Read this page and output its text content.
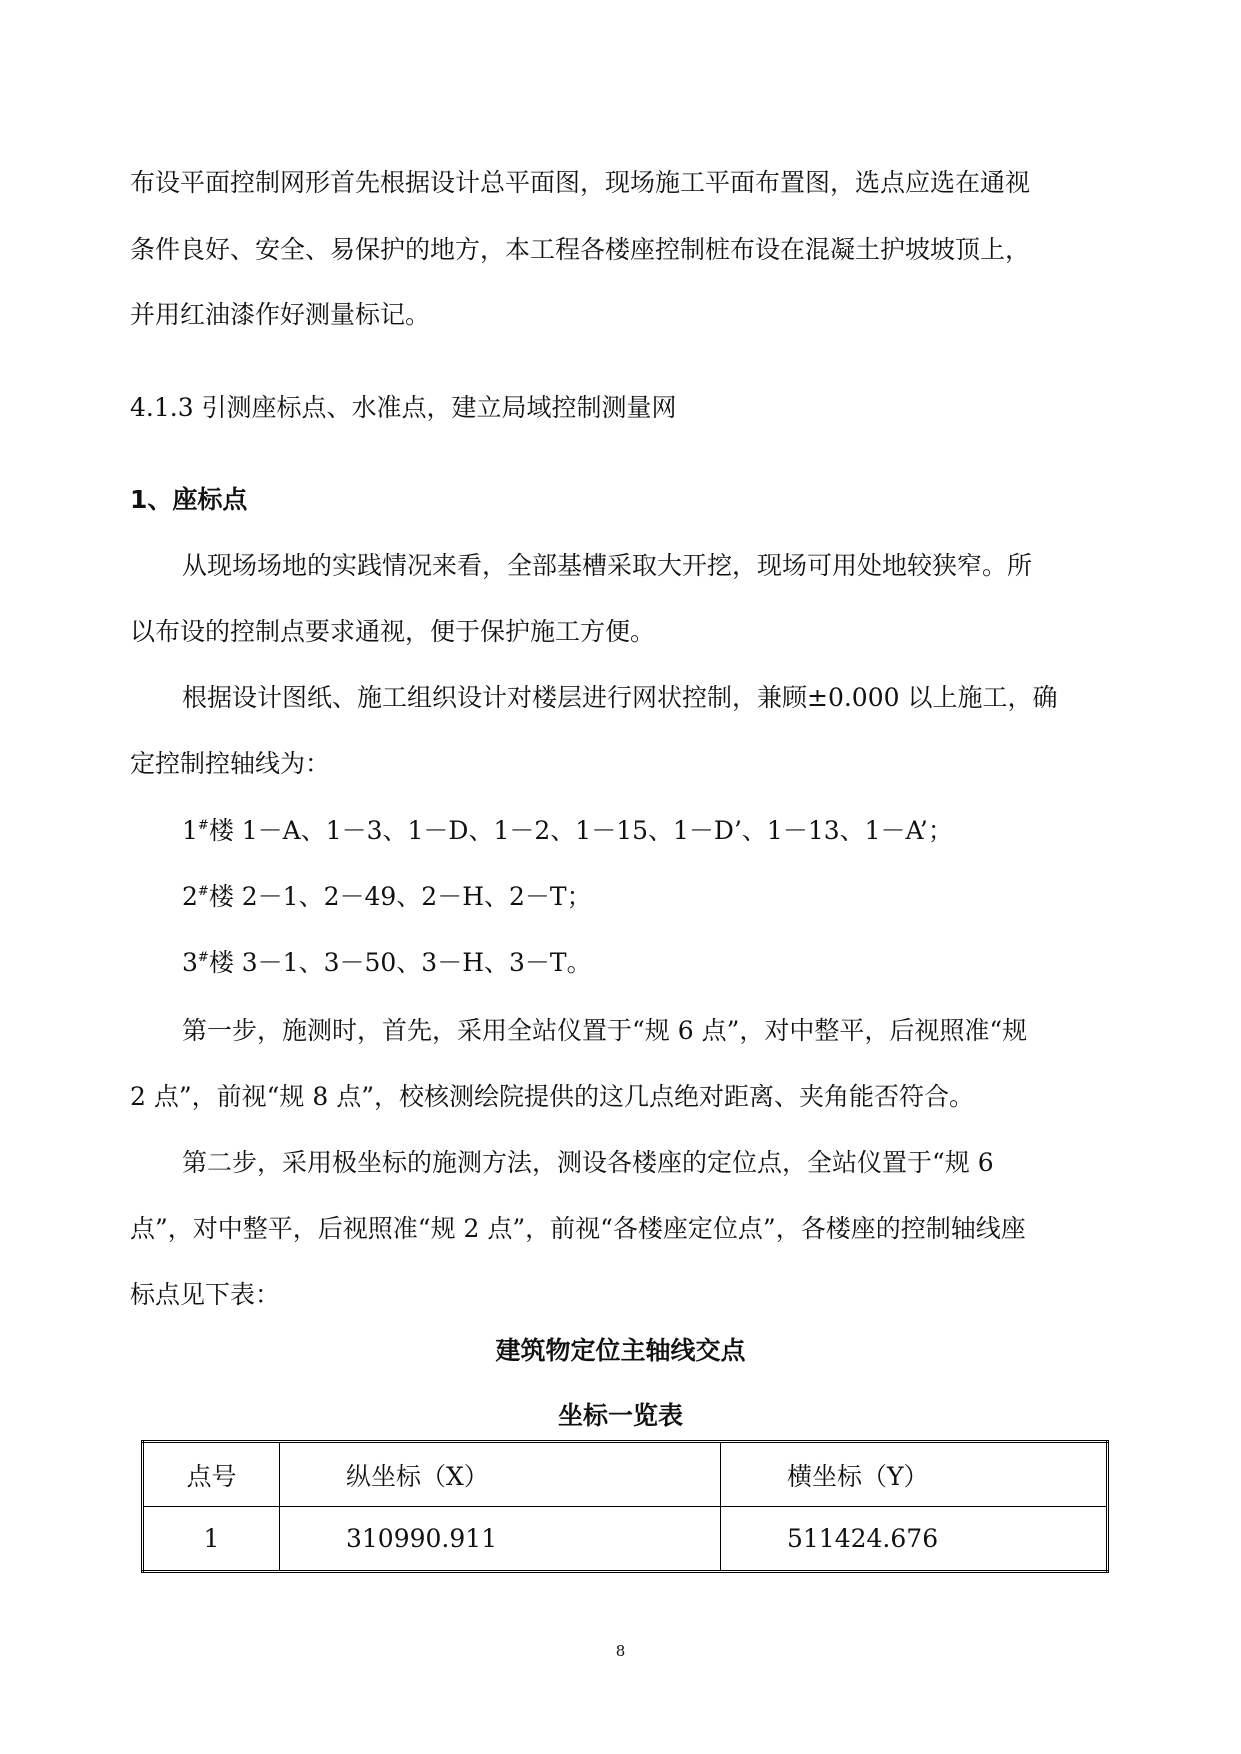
布设平面控制网形首先根据设计总平面图，现场施工平面布置图，选点应选在通视
条件良好、安全、易保护的地方，本工程各楼座控制桩布设在混凝土护坡坡顶上，
并用红油漆作好测量标记。
4.1.3 引测座标点、水准点，建立局域控制测量网
1、座标点
从现场场地的实践情况来看，全部基槽采取大开挖，现场可用处地较狭窄。所
以布设的控制点要求通视，便于保护施工方便。
根据设计图纸、施工组织设计对楼层进行网状控制，兼顾±0.000 以上施工，确
定控制控轴线为：
1#楼 1－A、1－3、1－D、1－2、1－15、1－D’、1－13、1－A’；
2#楼 2－1、2－49、2－H、2－T；
3#楼 3－1、3－50、3－H、3－T。
第一步，施测时，首先，采用全站仪置于“规 6 点”，对中整平，后视照准“规
2 点”，前视“规 8 点”，校核测绘院提供的这几点绝对距离、夹角能否符合。
第二步，采用极坐标的施测方法，测设各楼座的定位点，全站仪置于“规 6
点”，对中整平，后视照准“规 2 点”，前视“各楼座定位点”，各楼座的控制轴线座
标点见下表：
建筑物定位主轴线交点
坐标一览表
点号	纵坐标（X）	横坐标（Y）
1	310990.911	511424.676
8
